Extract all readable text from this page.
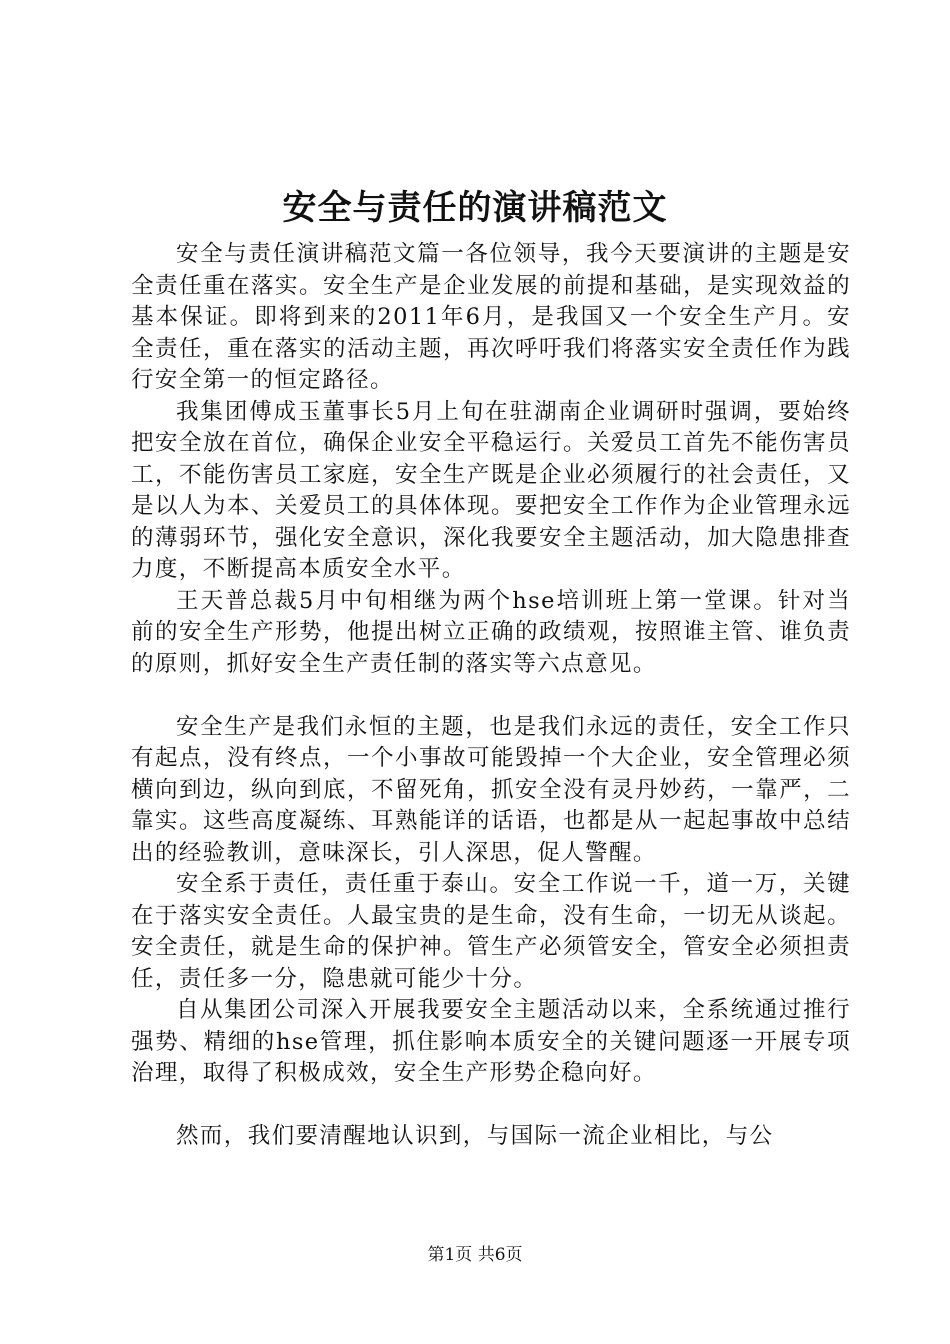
安全与责任的演讲稿范文

安全与责任演讲稿范文篇一各位领导，我今天要演讲的主题是安全责任重在落实。安全生产是企业发展的前提和基础，是实现效益的基本保证。即将到来的2011年6月，是我国又一个安全生产月。安全责任，重在落实的活动主题，再次呼吁我们将落实安全责任作为践行安全第一的恒定路径。

我集团傅成玉董事长5月上旬在驻湖南企业调研时强调，要始终把安全放在首位，确保企业安全平稳运行。关爱员工首先不能伤害员工，不能伤害员工家庭，安全生产既是企业必须履行的社会责任，又是以人为本、关爱员工的具体体现。要把安全工作作为企业管理永远的薄弱环节，强化安全意识，深化我要安全主题活动，加大隐患排查力度，不断提高本质安全水平。

王天普总裁5月中旬相继为两个hse培训班上第一堂课。针对当前的安全生产形势，他提出树立正确的政绩观，按照谁主管、谁负责的原则，抓好安全生产责任制的落实等六点意见。

安全生产是我们永恒的主题，也是我们永远的责任，安全工作只有起点，没有终点，一个小事故可能毁掉一个大企业，安全管理必须横向到边，纵向到底，不留死角，抓安全没有灵丹妙药，一靠严，二靠实。这些高度凝练、耳熟能详的话语，也都是从一起起事故中总结出的经验教训，意味深长，引人深思，促人警醒。

安全系于责任，责任重于泰山。安全工作说一千，道一万，关键在于落实安全责任。人最宝贵的是生命，没有生命，一切无从谈起。安全责任，就是生命的保护神。管生产必须管安全，管安全必须担责任，责任多一分，隐患就可能少十分。

自从集团公司深入开展我要安全主题活动以来，全系统通过推行强势、精细的hse管理，抓住影响本质安全的关键问题逐一开展专项治理，取得了积极成效，安全生产形势企稳向好。

然而，我们要清醒地认识到，与国际一流企业相比，与公

第1页 共6页
